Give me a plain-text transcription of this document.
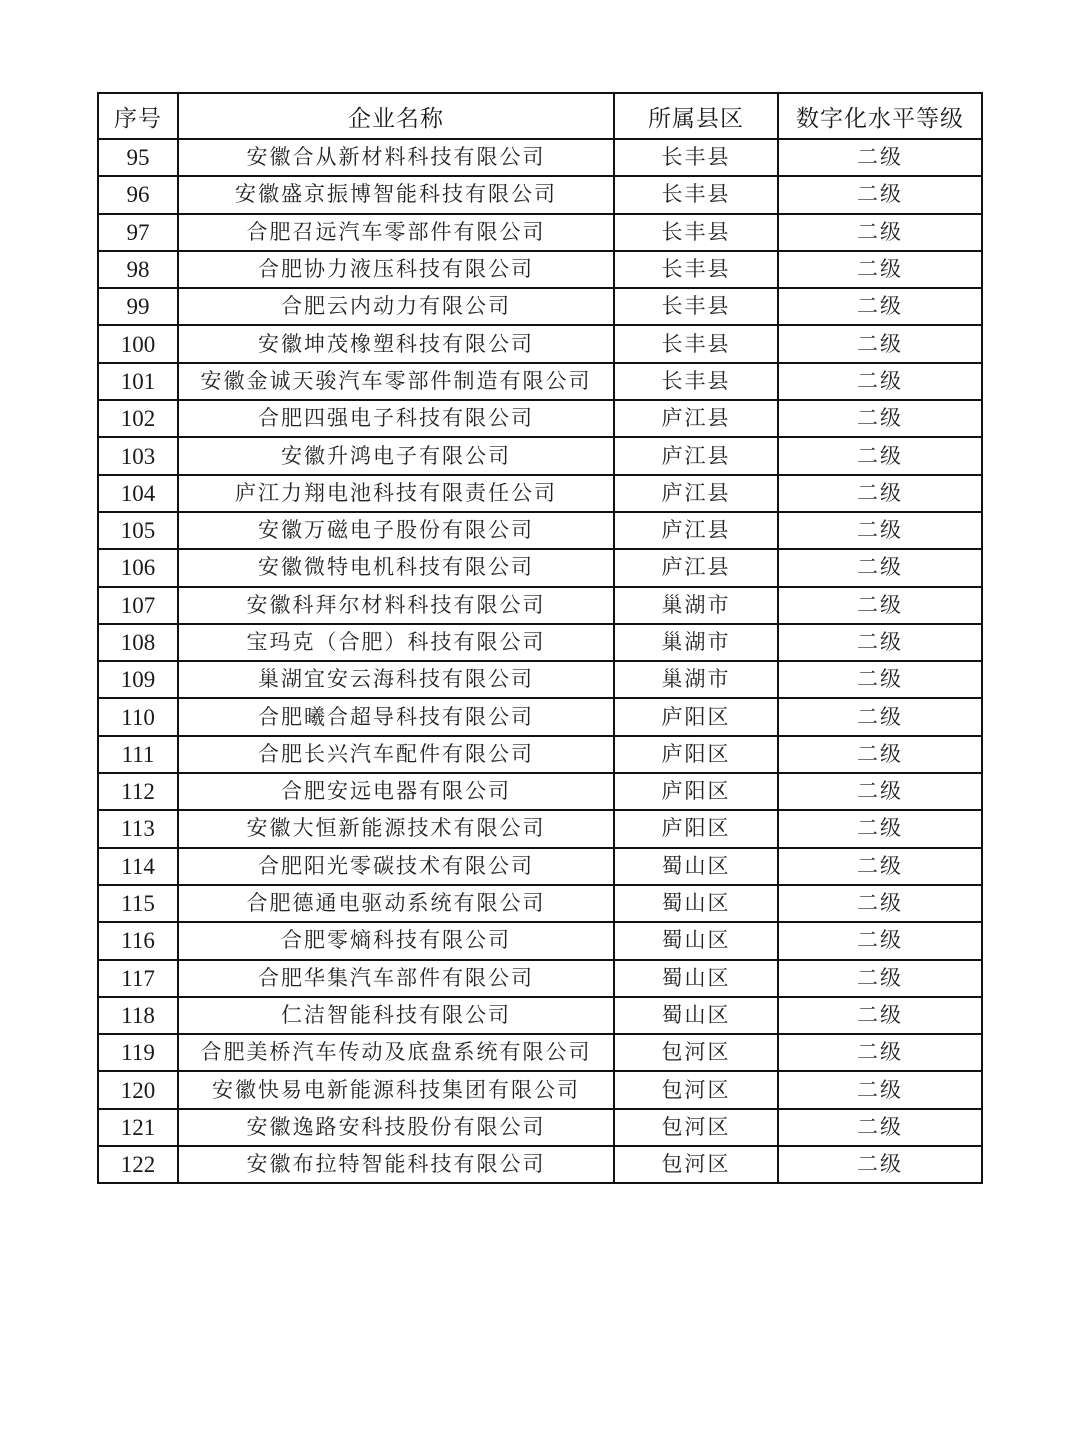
序号	企业名称	所属县区	数字化水平等级
95	安徽合从新材料科技有限公司	长丰县	二级
96	安徽盛京振博智能科技有限公司	长丰县	二级
97	合肥召远汽车零部件有限公司	长丰县	二级
98	合肥协力液压科技有限公司	长丰县	二级
99	合肥云内动力有限公司	长丰县	二级
100	安徽坤茂橡塑科技有限公司	长丰县	二级
101	安徽金诚天骏汽车零部件制造有限公司	长丰县	二级
102	合肥四强电子科技有限公司	庐江县	二级
103	安徽升鸿电子有限公司	庐江县	二级
104	庐江力翔电池科技有限责任公司	庐江县	二级
105	安徽万磁电子股份有限公司	庐江县	二级
106	安徽微特电机科技有限公司	庐江县	二级
107	安徽科拜尔材料科技有限公司	巢湖市	二级
108	宝玛克（合肥）科技有限公司	巢湖市	二级
109	巢湖宜安云海科技有限公司	巢湖市	二级
110	合肥曦合超导科技有限公司	庐阳区	二级
111	合肥长兴汽车配件有限公司	庐阳区	二级
112	合肥安远电器有限公司	庐阳区	二级
113	安徽大恒新能源技术有限公司	庐阳区	二级
114	合肥阳光零碳技术有限公司	蜀山区	二级
115	合肥德通电驱动系统有限公司	蜀山区	二级
116	合肥零熵科技有限公司	蜀山区	二级
117	合肥华集汽车部件有限公司	蜀山区	二级
118	仁洁智能科技有限公司	蜀山区	二级
119	合肥美桥汽车传动及底盘系统有限公司	包河区	二级
120	安徽快易电新能源科技集团有限公司	包河区	二级
121	安徽逸路安科技股份有限公司	包河区	二级
122	安徽布拉特智能科技有限公司	包河区	二级
